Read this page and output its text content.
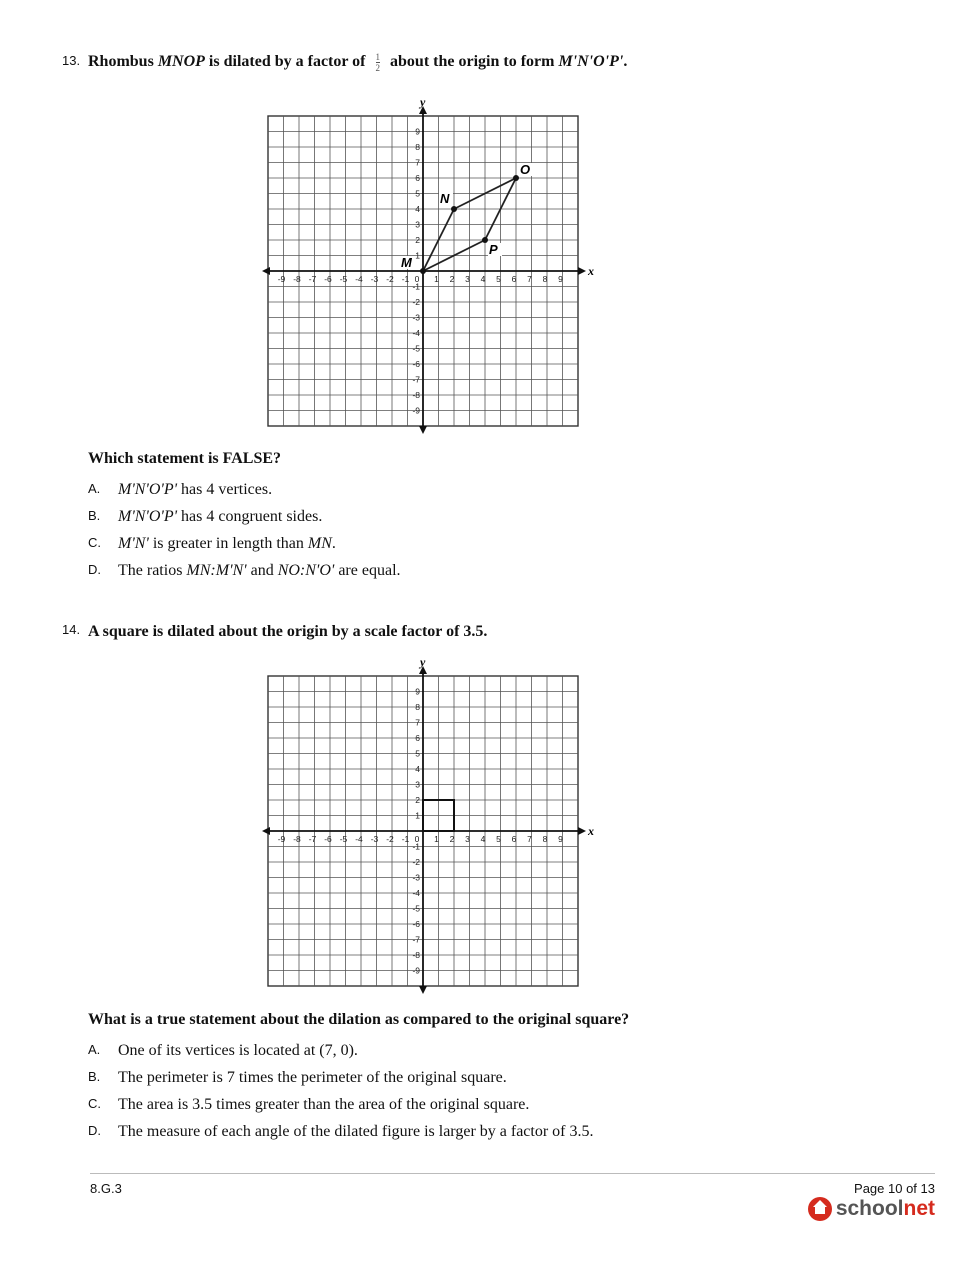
13. Rhombus MNOP is dilated by a factor of $\frac{1}{2}$ about the origin to form M'N'O'P'.
x
y
-9 -8 -7 -6 -5 -4 -3 -2 -1 0 1 2 3 4 5 6 7 8 9
9
8
7
6
5
4
3
2
1
-1
-2
-3
-4
-5
-6
-7
-8
-9
M
N
O
P
Which statement is FALSE?
A. M'N'O'P' has 4 vertices.
B. M'N'O'P' has 4 congruent sides.
C. M'N' is greater in length than MN.
D. The ratios MN:M'N' and NO:N'O' are equal.
14. A square is dilated about the origin by a scale factor of 3.5.
x
y
-9 -8 -7 -6 -5 -4 -3 -2 -1 0 1 2 3 4 5 6 7 8 9
9
8
7
6
5
4
3
2
1
-1
-2
-3
-4
-5
-6
-7
-8
-9
What is a true statement about the dilation as compared to the original square?
A. One of its vertices is located at (7, 0).
B. The perimeter is 7 times the perimeter of the original square.
C. The area is 3.5 times greater than the area of the original square.
D. The measure of each angle of the dilated figure is larger by a factor of 3.5.
8.G.3	Page 10 of 13
school net
